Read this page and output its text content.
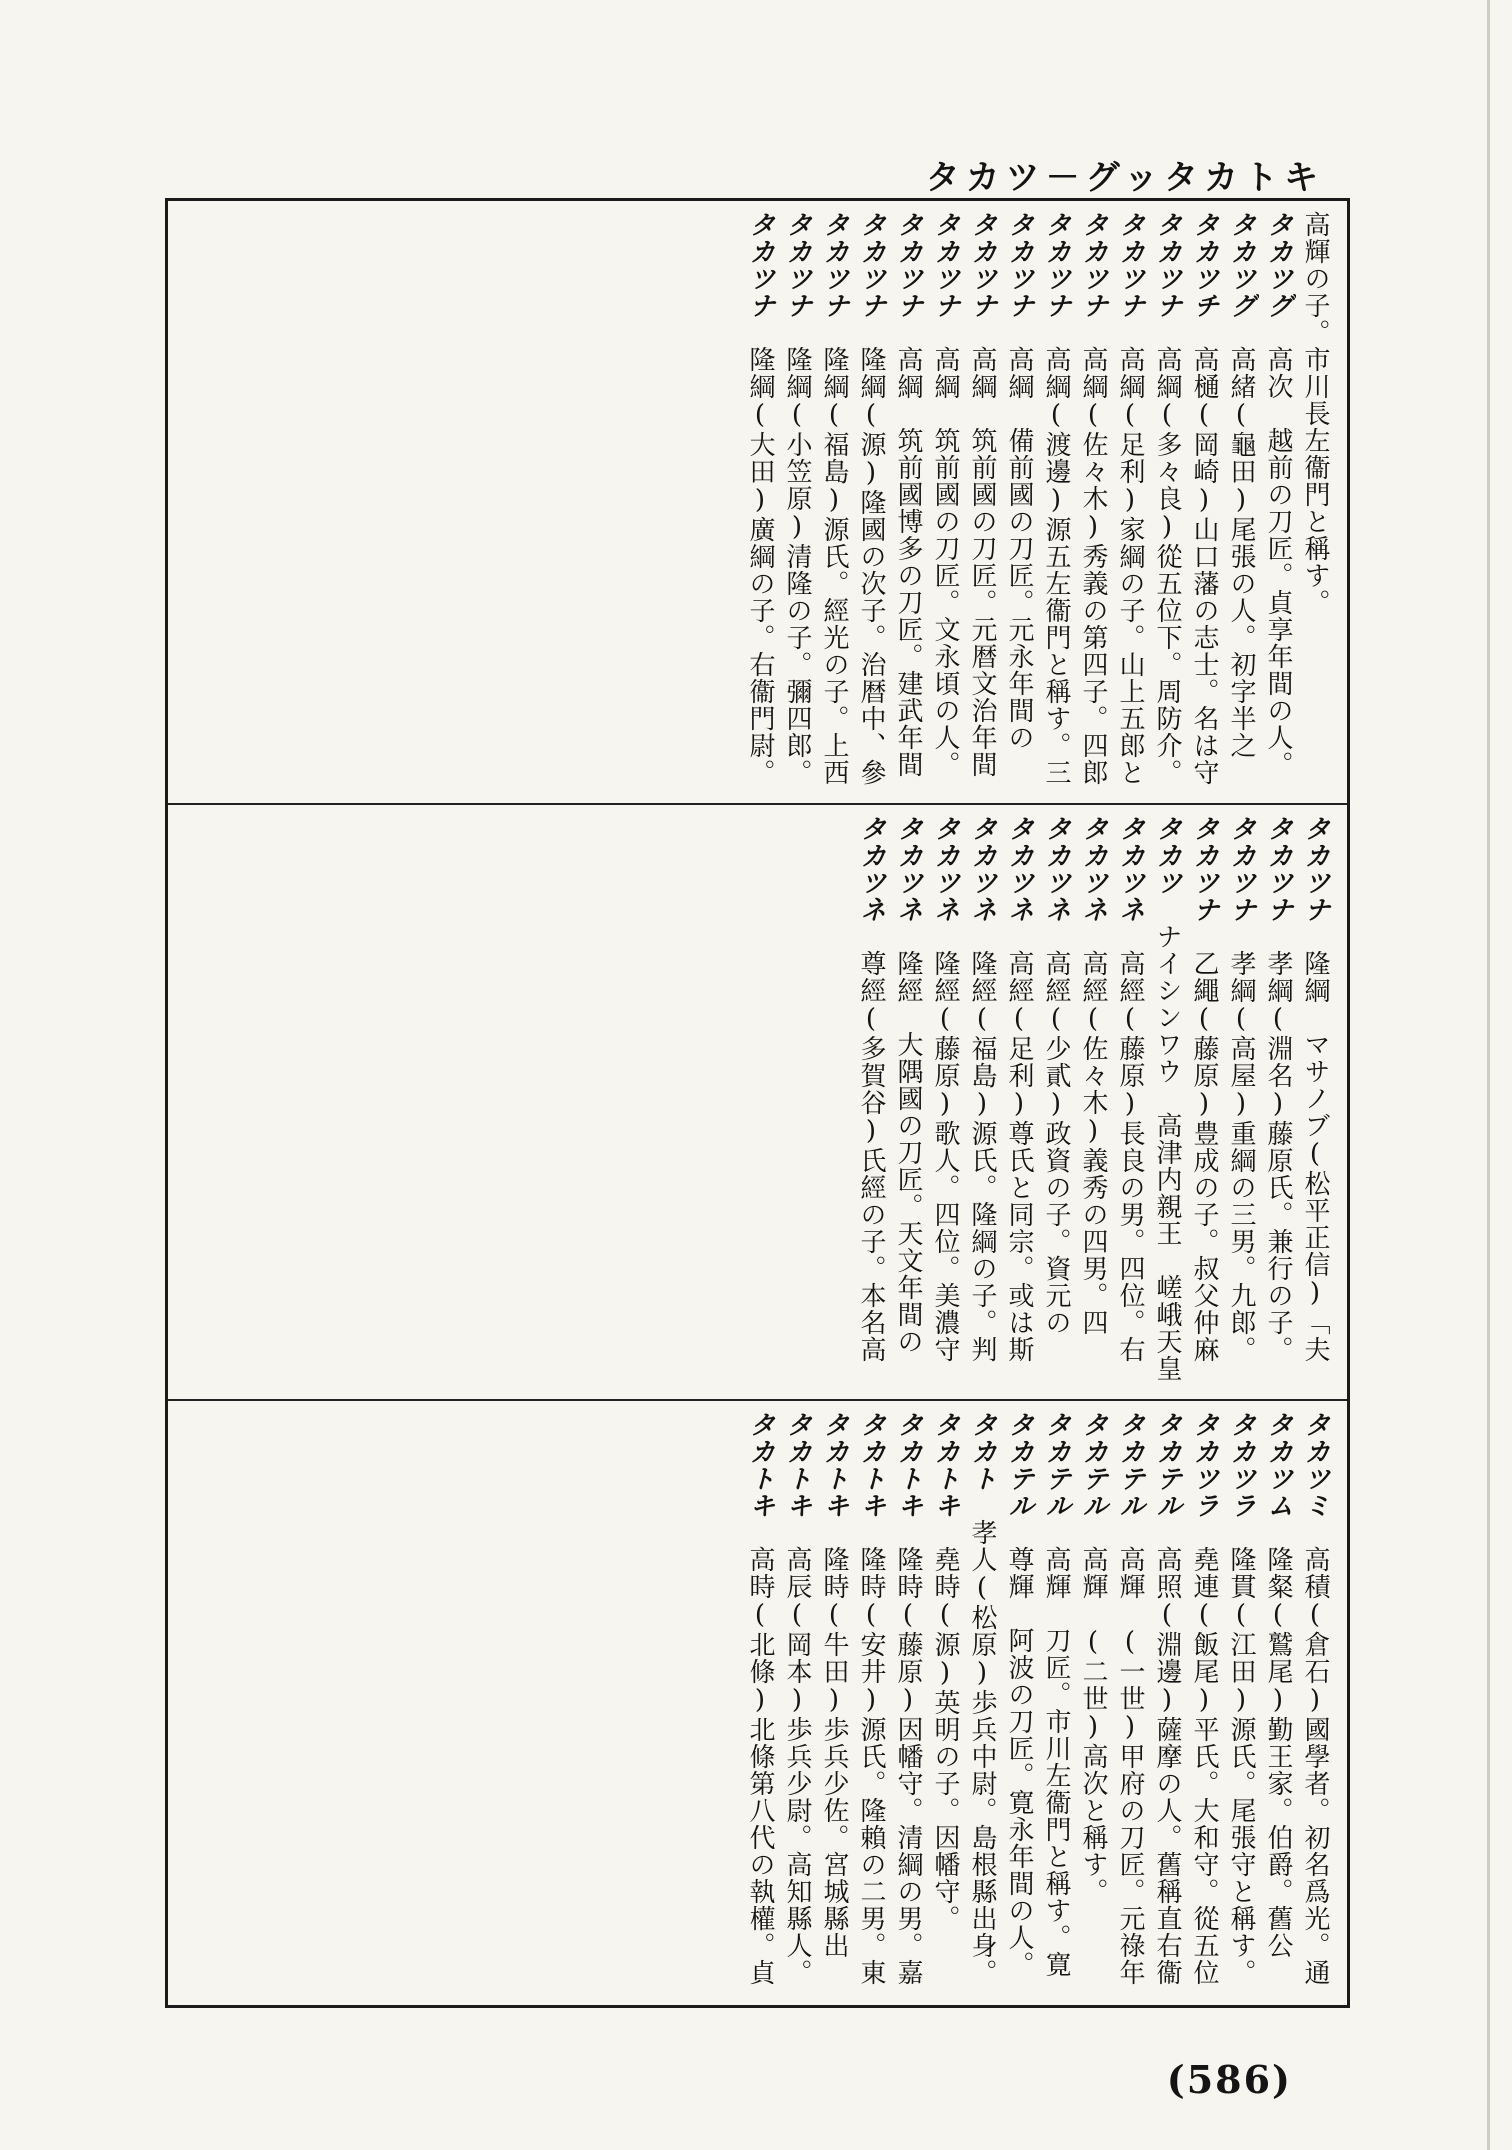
タカツ－グッタカトキ
高輝の子。市川長左衞門と稱す。
タカツグ　高次　越前の刀匠。貞享年間の人。
タカツグ　高緒(龜田)尾張の人。初字半之
タカツチ　高樋(岡崎)山口藩の志士。名は守
タカツナ　高綱(多々良)從五位下。周防介。
タカツナ　高綱(足利)家綱の子。山上五郎と
タカツナ　高綱(佐々木)秀義の第四子。四郎
タカツナ　高綱(渡邊)源五左衞門と稱す。三
タカツナ　高綱　備前國の刀匠。元永年間の
タカツナ　高綱　筑前國の刀匠。元暦文治年間
タカツナ　高綱　筑前國の刀匠。文永頃の人。
タカツナ　高綱　筑前國博多の刀匠。建武年間
タカツナ　隆綱(源)隆國の次子。治暦中、參
タカツナ　隆綱(福島)源氏。經光の子。上西
タカツナ　隆綱(小笠原)清隆の子。彌四郎。
タカツナ　隆綱(大田)廣綱の子。右衞門尉。
タカツナ　隆綱　マサノブ(松平正信)「夫
タカツナ　孝綱(淵名)藤原氏。兼行の子。
タカツナ　孝綱(高屋)重綱の三男。九郎。
タカツナ　乙繩(藤原)豊成の子。叔父仲麻
タカツ　ナイシンワウ　高津内親王　嵯峨天皇
タカツネ　高經(藤原)長良の男。四位。右
タカツネ　高經(佐々木)義秀の四男。四
タカツネ　高經(少貳)政資の子。資元の
タカツネ　高經(足利)尊氏と同宗。或は斯
タカツネ　隆經(福島)源氏。隆綱の子。判
タカツネ　隆經(藤原)歌人。四位。美濃守
タカツネ　隆經　大隅國の刀匠。天文年間の
タカツネ　尊經(多賀谷)氏經の子。本名高
タカツミ　高積(倉石)國學者。初名爲光。通
タカツム　隆粲(鷲尾)勤王家。伯爵。舊公
タカツラ　隆貫(江田)源氏。尾張守と稱す。
タカツラ　堯連(飯尾)平氏。大和守。從五位
タカテル　高照(淵邊)薩摩の人。舊稱直右衞
タカテル　高輝　(一世)甲府の刀匠。元祿年
タカテル　高輝　(二世)高次と稱す。
タカテル　高輝　刀匠。市川左衞門と稱す。寛
タカテル　尊輝　阿波の刀匠。寛永年間の人。
タカト　孝人(松原)歩兵中尉。島根縣出身。
タカトキ　堯時(源)英明の子。因幡守。
タカトキ　隆時(藤原)因幡守。清綱の男。嘉
タカトキ　隆時(安井)源氏。隆賴の二男。東
タカトキ　隆時(牛田)歩兵少佐。宮城縣出
タカトキ　高辰(岡本)歩兵少尉。高知縣人。
タカトキ　高時(北條)北條第八代の執權。貞
(586)
